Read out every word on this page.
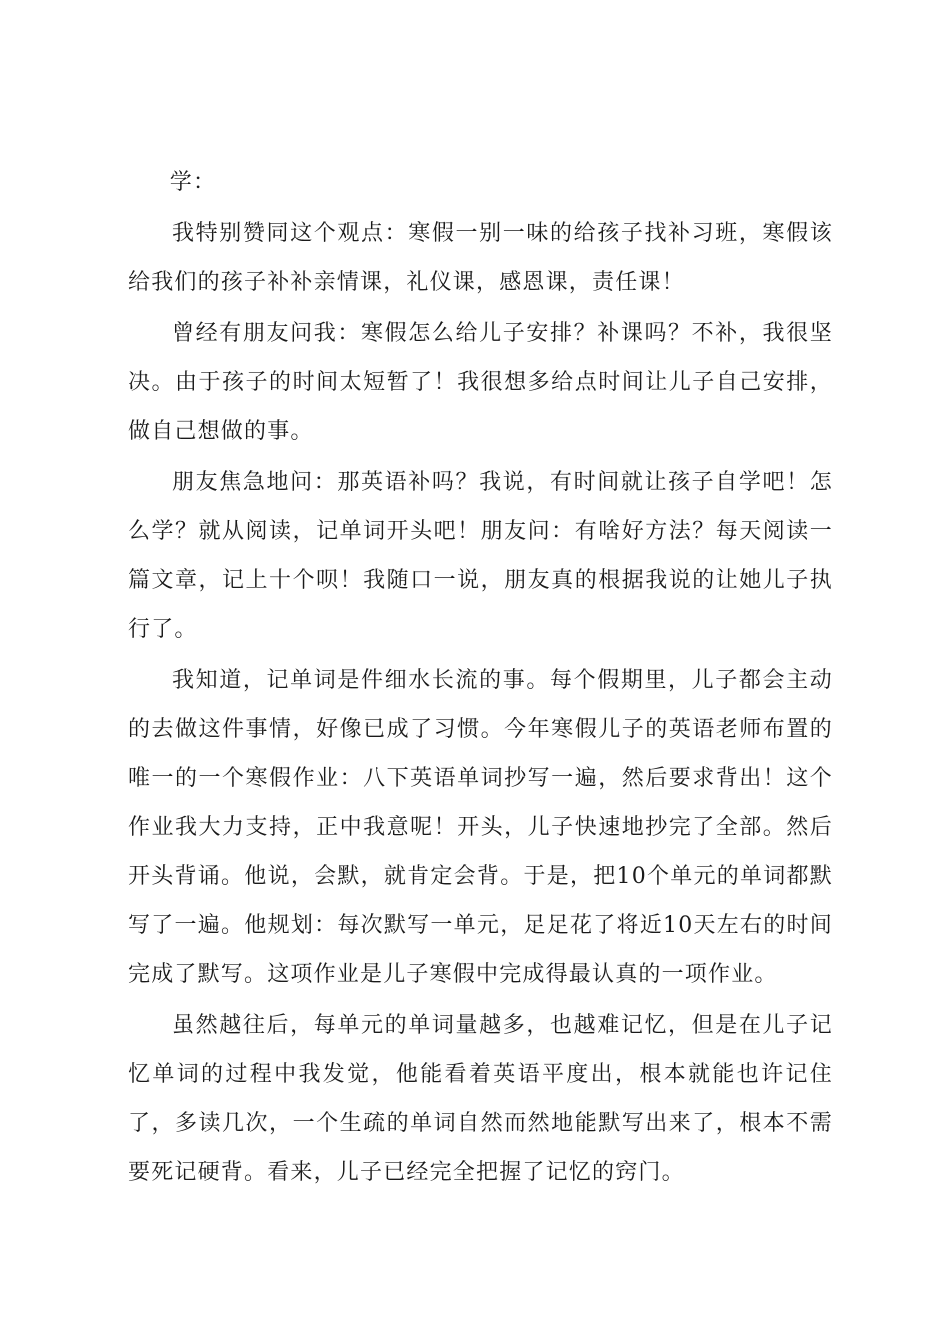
学：

我特别赞同这个观点：寒假一别一味的给孩子找补习班，寒假该给我们的孩子补补亲情课，礼仪课，感恩课，责任课！

曾经有朋友问我：寒假怎么给儿子安排？补课吗？不补，我很坚决。由于孩子的时间太短暂了！我很想多给点时间让儿子自己安排，做自己想做的事。

朋友焦急地问：那英语补吗？我说，有时间就让孩子自学吧！怎么学？就从阅读，记单词开头吧！朋友问：有啥好方法？每天阅读一篇文章，记上十个呗！我随口一说，朋友真的根据我说的让她儿子执行了。

我知道，记单词是件细水长流的事。每个假期里，儿子都会主动的去做这件事情，好像已成了习惯。今年寒假儿子的英语老师布置的唯一的一个寒假作业：八下英语单词抄写一遍，然后要求背出！这个作业我大力支持，正中我意呢！开头，儿子快速地抄完了全部。然后开头背诵。他说，会默，就肯定会背。于是，把10个单元的单词都默写了一遍。他规划：每次默写一单元，足足花了将近10天左右的时间完成了默写。这项作业是儿子寒假中完成得最认真的一项作业。

虽然越往后，每单元的单词量越多，也越难记忆，但是在儿子记忆单词的过程中我发觉，他能看着英语平度出，根本就能也许记住了，多读几次，一个生疏的单词自然而然地能默写出来了，根本不需要死记硬背。看来，儿子已经完全把握了记忆的窍门。
